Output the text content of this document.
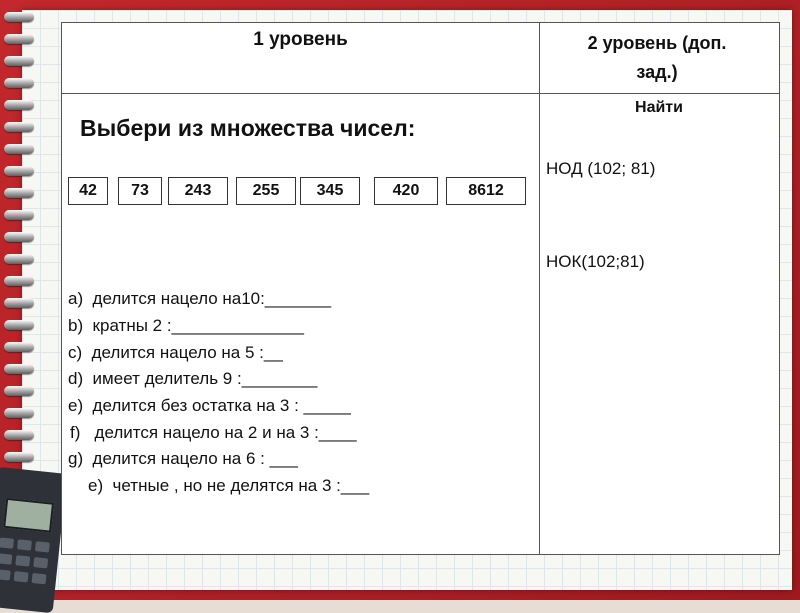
1 уровень	2 уровень (доп.
зад.)
Выбери из множества чисел:
42	73	243	255	345	420	8612
a)  делится нацело на10:_______
b)  кратны 2 :______________
c)  делится нацело на 5 :__
d)  имеет делитель 9 :________
e)  делится без остатка на 3 : _____
f)   делится нацело на 2 и на 3 :____
g)  делится нацело на 6 : ___
e)  четные , но не делятся на 3 :___
Найти
НОД (102; 81)
НОК(102;81)
